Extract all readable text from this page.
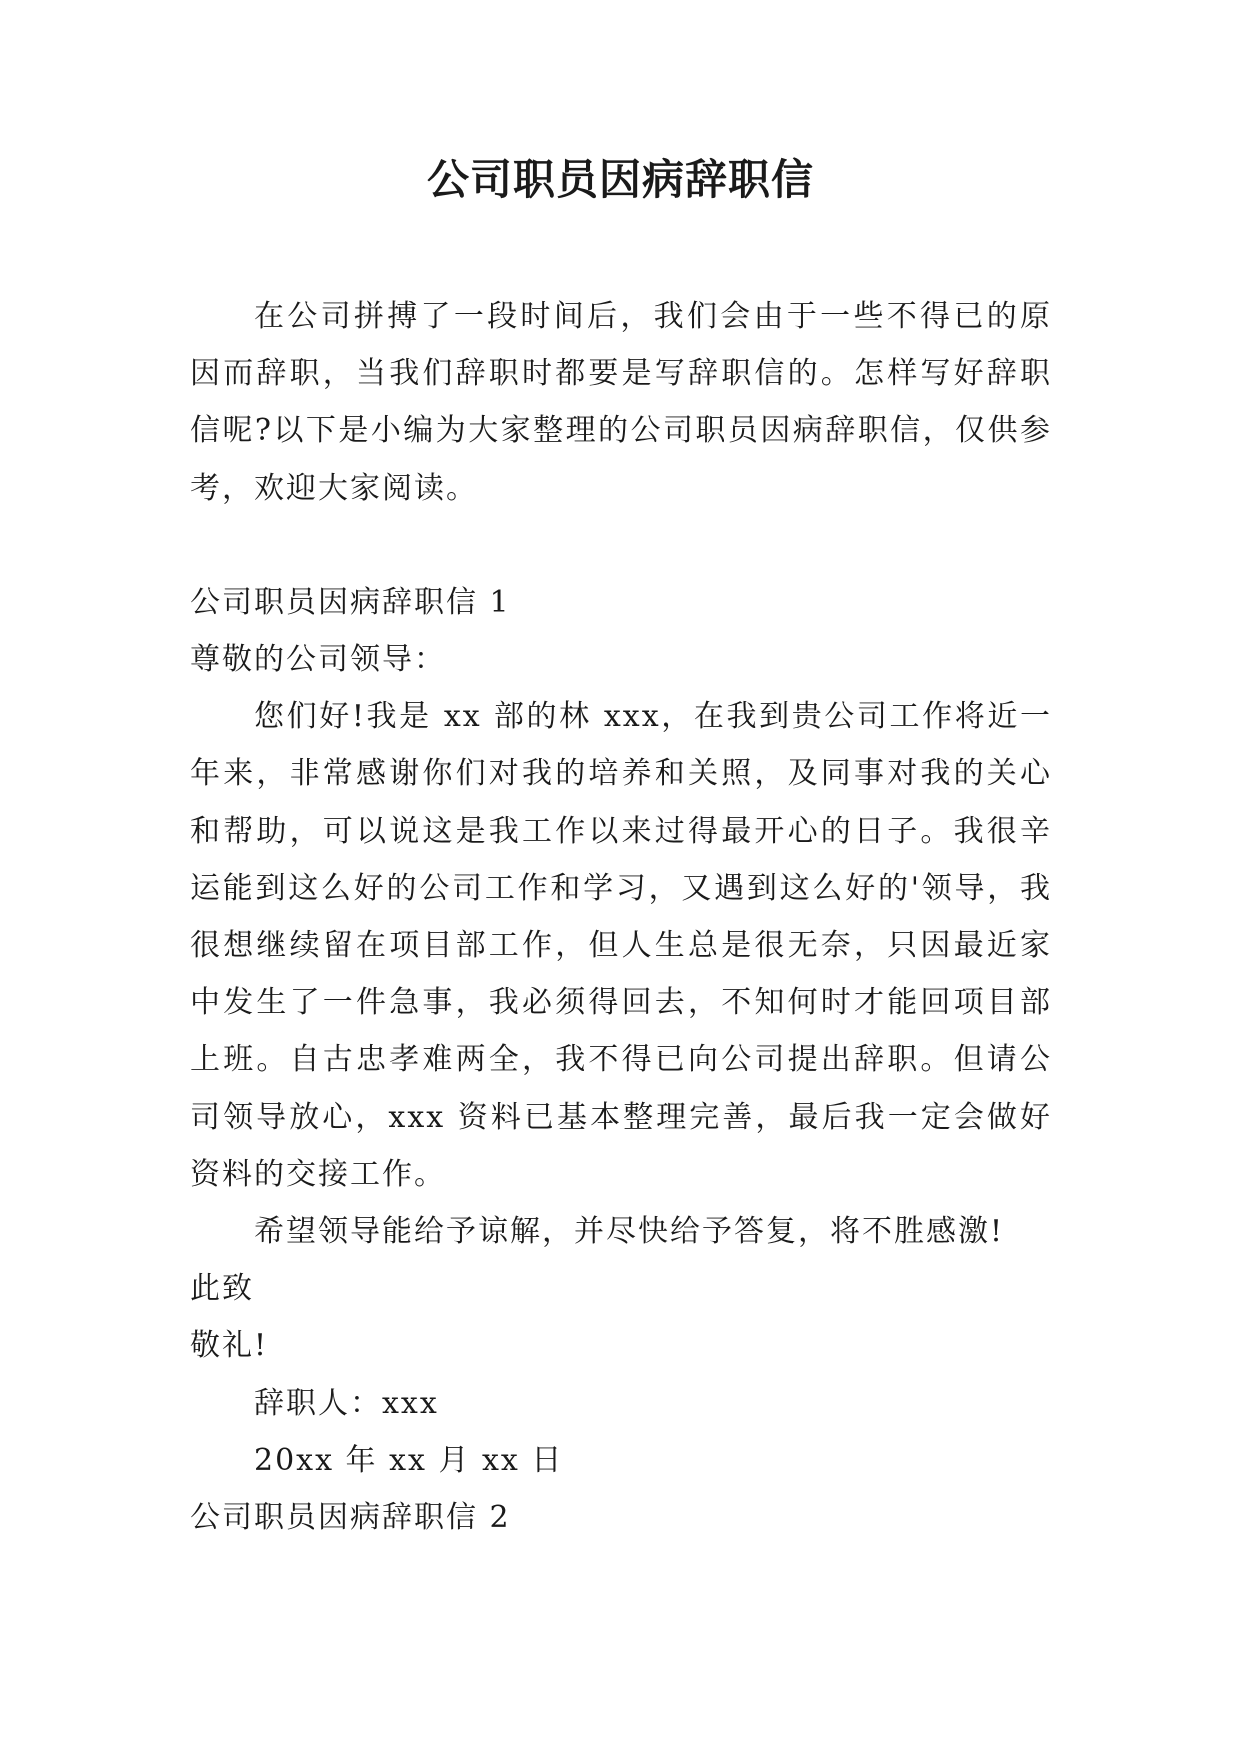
公司职员因病辞职信

在公司拼搏了一段时间后，我们会由于一些不得已的原因而辞职，当我们辞职时都要是写辞职信的。怎样写好辞职信呢?以下是小编为大家整理的公司职员因病辞职信，仅供参考，欢迎大家阅读。

公司职员因病辞职信 1

尊敬的公司领导：

您们好!我是 xx 部的林 xxx，在我到贵公司工作将近一年来，非常感谢你们对我的培养和关照，及同事对我的关心和帮助，可以说这是我工作以来过得最开心的日子。我很辛运能到这么好的公司工作和学习，又遇到这么好的'领导，我很想继续留在项目部工作，但人生总是很无奈，只因最近家中发生了一件急事，我必须得回去，不知何时才能回项目部上班。自古忠孝难两全，我不得已向公司提出辞职。但请公司领导放心，xxx 资料已基本整理完善，最后我一定会做好资料的交接工作。

希望领导能给予谅解，并尽快给予答复，将不胜感激!

此致

敬礼!

辞职人：xxx

20xx 年 xx 月 xx 日

公司职员因病辞职信 2
